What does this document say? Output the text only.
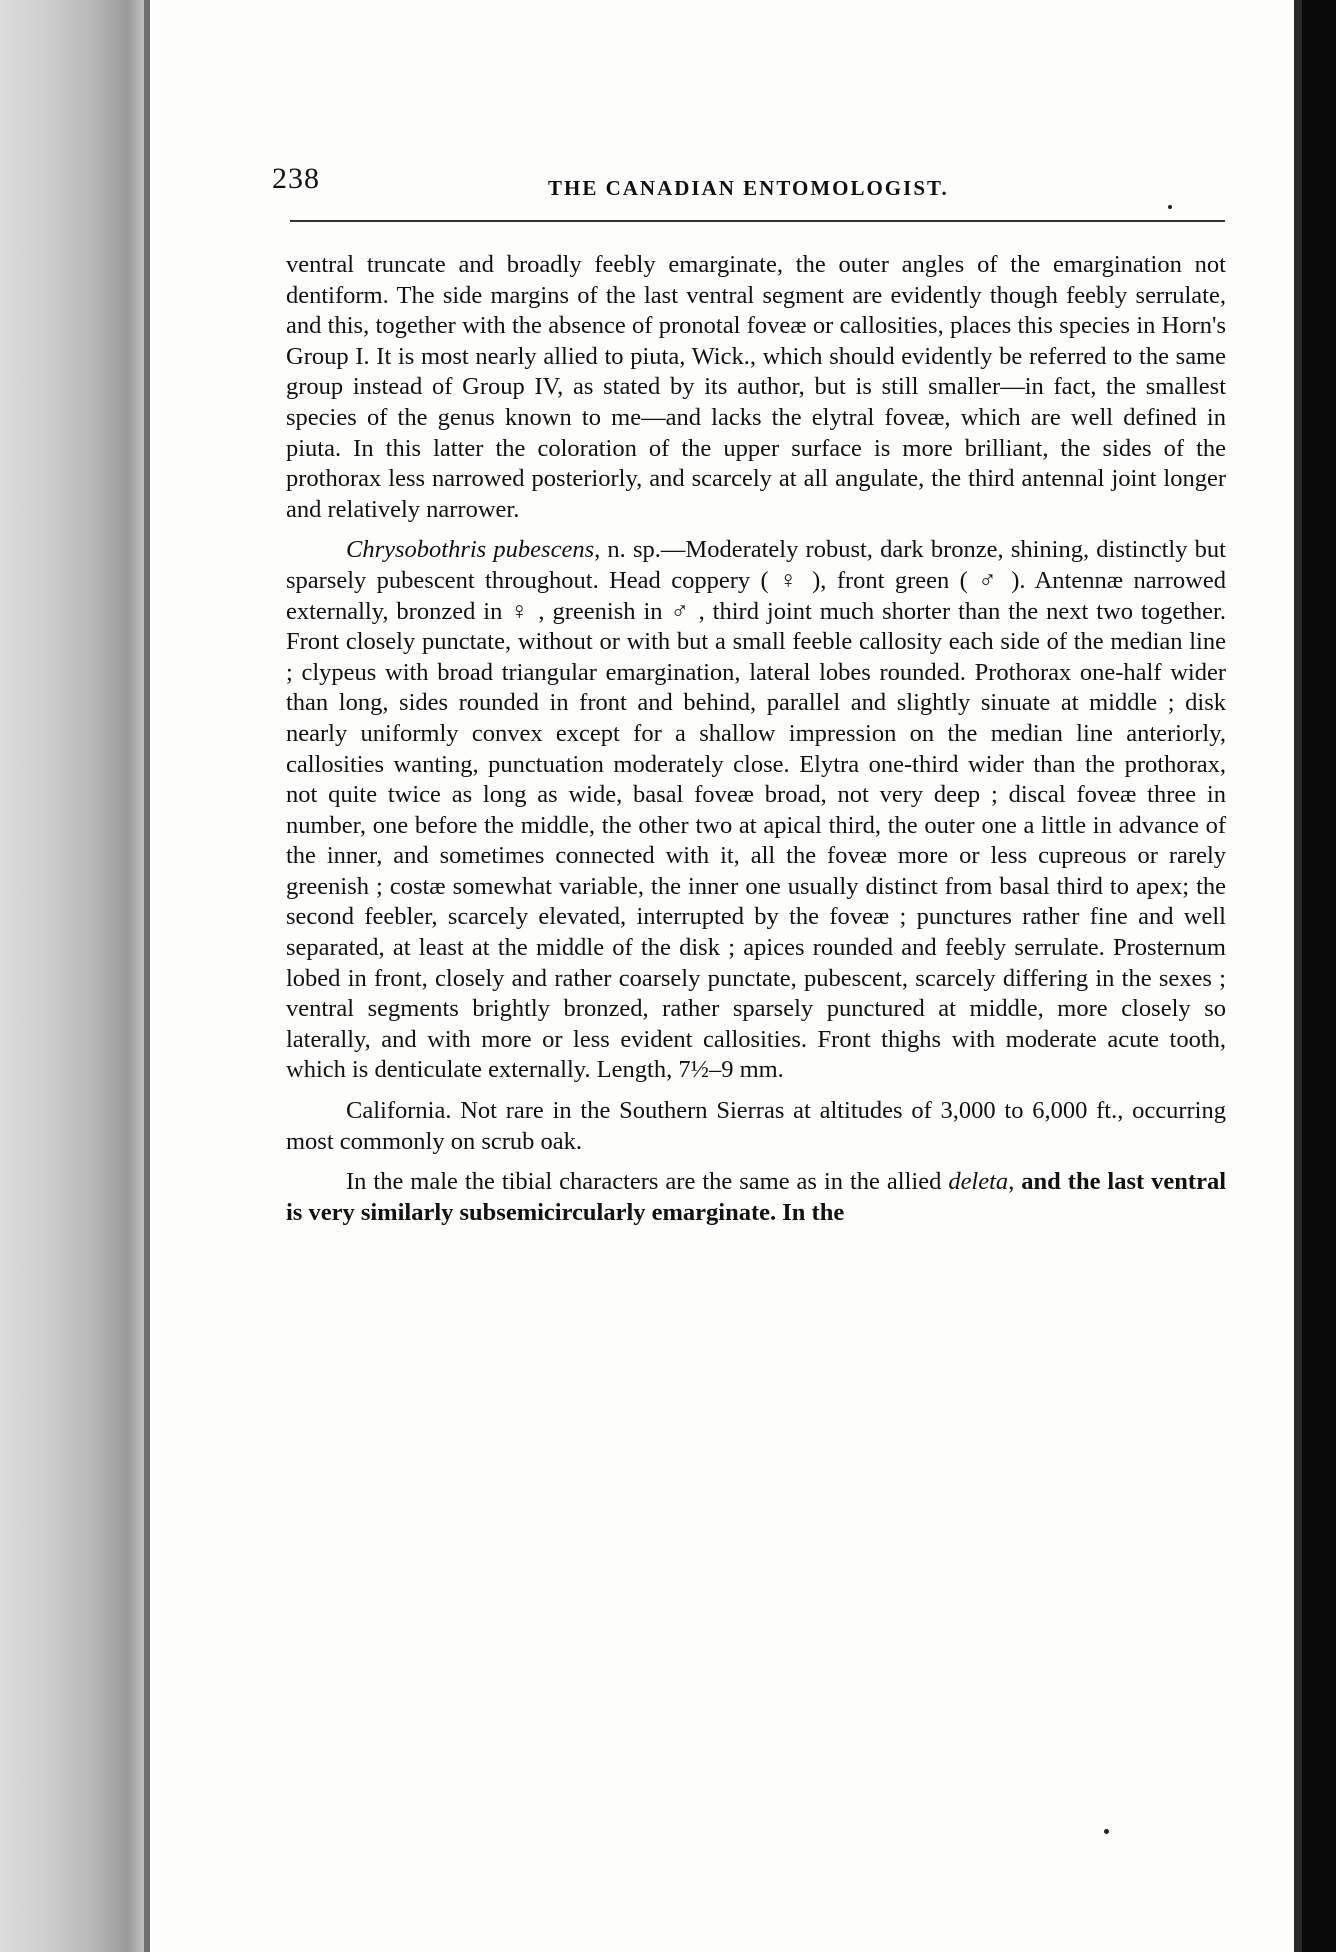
238	THE CANADIAN ENTOMOLOGIST.

ventral truncate and broadly feebly emarginate, the outer angles of the emargination not dentiform. The side margins of the last ventral segment are evidently though feebly serrulate, and this, together with the absence of pronotal foveæ or callosities, places this species in Horn's Group I. It is most nearly allied to piuta, Wick., which should evidently be referred to the same group instead of Group IV, as stated by its author, but is still smaller—in fact, the smallest species of the genus known to me—and lacks the elytral foveæ, which are well defined in piuta. In this latter the coloration of the upper surface is more brilliant, the sides of the prothorax less narrowed posteriorly, and scarcely at all angulate, the third antennal joint longer and relatively narrower.

Chrysobothris pubescens, n. sp.—Moderately robust, dark bronze, shining, distinctly but sparsely pubescent throughout. Head coppery ( ♀ ), front green ( ♂ ). Antennæ narrowed externally, bronzed in ♀ , greenish in ♂ , third joint much shorter than the next two together. Front closely punctate, without or with but a small feeble callosity each side of the median line ; clypeus with broad triangular emargination, lateral lobes rounded. Prothorax one-half wider than long, sides rounded in front and behind, parallel and slightly sinuate at middle ; disk nearly uniformly convex except for a shallow impression on the median line anteriorly, callosities wanting, punctuation moderately close. Elytra one-third wider than the prothorax, not quite twice as long as wide, basal foveæ broad, not very deep ; discal foveæ three in number, one before the middle, the other two at apical third, the outer one a little in advance of the inner, and sometimes connected with it, all the foveæ more or less cupreous or rarely greenish ; costæ somewhat variable, the inner one usually distinct from basal third to apex; the second feebler, scarcely elevated, interrupted by the foveæ ; punctures rather fine and well separated, at least at the middle of the disk ; apices rounded and feebly serrulate. Prosternum lobed in front, closely and rather coarsely punctate, pubescent, scarcely differing in the sexes ; ventral segments brightly bronzed, rather sparsely punctured at middle, more closely so laterally, and with more or less evident callosities. Front thighs with moderate acute tooth, which is denticulate externally. Length, 7½–9 mm.

California. Not rare in the Southern Sierras at altitudes of 3,000 to 6,000 ft., occurring most commonly on scrub oak.

In the male the tibial characters are the same as in the allied deleta, and the last ventral is very similarly subsemicircularly emarginate. In the
